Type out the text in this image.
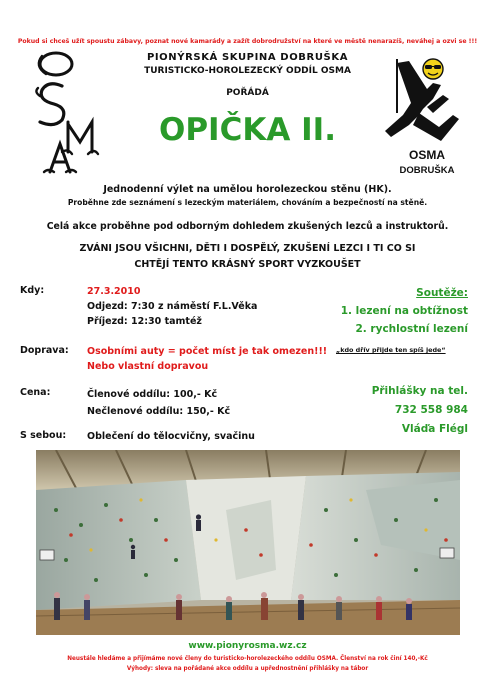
Pokud si chceš užít spoustu zábavy, poznat nové kamarády a zažít dobrodružství na které ve městě nenarazíš, neváhej a ozvi se !!!
PIONÝRSKÁ SKUPINA DOBRUŠKA
TURISTICKO-HOROLEZECKÝ ODDÍL OSMA
POŘÁDÁ
OPIČKA II.
OSMA
DOBRUŠKA
Jednodenní výlet na umělou horolezeckou stěnu (HK).
Proběhne zde seznámení s lezeckým materiálem, chováním a bezpečností na stěně.
Celá akce proběhne pod odborným dohledem zkušených lezců a instruktorů.
ZVÁNI JSOU VŠICHNI, DĚTI I DOSPĚLÝ, ZKUŠENÍ LEZCI I TI CO SI
CHTĚJÍ TENTO KRÁSNÝ SPORT VYZKOUŠET
Kdy:	27.3.2010
Odjezd: 7:30 z náměstí F.L.Věka
Příjezd: 12:30 tamtéž
Soutěže:
1. lezení na obtížnost
2. rychlostní lezení
Doprava: Osobními auty = počet míst je tak omezen!!!
Nebo vlastní dopravou
„kdo dřív přijde ten spíš jede“
Cena:	Členové oddílu: 100,- Kč
Nečlenové oddílu: 150,- Kč
Přihlášky na tel.
732 558 984
Vláďa Flégl
S sebou: Oblečení do tělocvičny, svačinu
www.pionyrosma.wz.cz
Neustále hledáme a přijímáme nové členy do turisticko-horolezeckého oddílu OSMA. Členství na rok činí 140,-Kč
Výhody: sleva na pořádané akce oddílu a upřednostnění přihlášky na tábor
